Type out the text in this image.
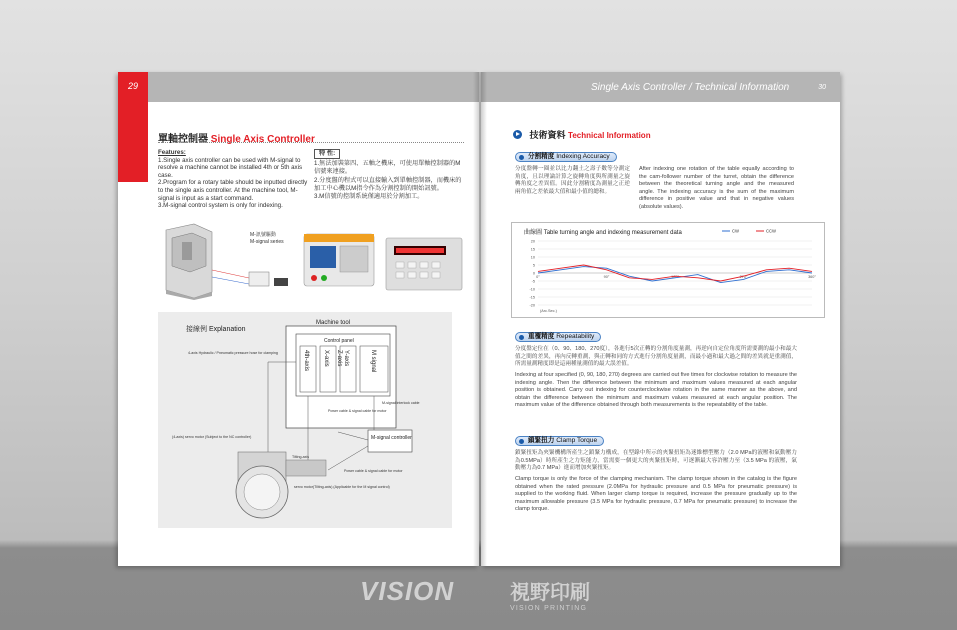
29
單軸控制器 Single Axis Controller
Features:
1.Single axis controller can be used with M-signal to resolve a machine cannot be installed 4th or 5th axis case.
2.Program for a rotary table should be inputted directly to the single axis controller. At the machine tool, M-signal is input as a start command.
3.M-signal control system is only for indexing.
特 性:
1.無法加裝第四、五軸之機床，可使用單軸控制器的M信號來連接。
2.分度盤的程式可以直接輸入到單軸控制器，而機床的加工中心機以M指令作為分割控制的開始訊號。
3.M信號的控制系統僅適用於分割加工。
M-訊號驅動
M-signal series
接線例 Explanation
Machine tool
Control panel
4th-axis X-axis Y-axis
Z-axis	M signal
M-signal controller
4-axis Hydraulic / Pneumatic pressure hose for clamping
(4-axis) servo motor (Subject to the NC controller)
M-signal interlock cable
Power cable & signal cable for motor
Power cable & signal cable for motor
Tilting-axis
servo motor(Tilting-axis) (Applicable for the M signal control)
Single Axis Controller / Technical Information	30
技術資料 Technical Information
分割精度 Indexing Accuracy
分度盤轉一圈並以比力翻土之壽子數等分測定角度，且以理論計算之旋轉角度與所測量之旋轉角度之差異值。因此分割精度為測量之正逆兩角值之差依最大值和最小值的總和。
After indexing one rotation of the table equally according to the cam-follower number of the turret, obtain the difference between the theoretical turning angle and the measured angle. The indexing accuracy is the sum of the maximum difference in positive value and that in negative values (absolute values).
曲線圖 Table turning angle and indexing measurement data
20
15
10
5
0
-5
-10
-15
-20
0°	90°	180°	270°	360°
(Arc.Sec.)
CW	CCW
重覆精度 Repeatability
分度盤定位在（0、90、180、270度），各進行5次正轉的分割角度量測，再逆向自定位角度所需要測的最小和最大值之間的差異，再內反轉重測，與正轉和同的方式進行分割角度量測，而最小過和最大過之間的差異就是重測值，所需量測精度即是這兩種量測值的最大誤差值。
Indexing at four specified (0, 90, 180, 270) degrees are carried out five times for clockwise rotation to measure the indexing angle. Then the difference between the minimum and maximum values measured at each angular position is obtained. Carry out indexing for counterclockwise rotation in the same manner as the above, and obtain the difference between the minimum and maximum values measured at each angular position. The maximum value of the difference obtained through both measurements is the repeatability of the table.
鎖緊扭力 Clamp Torque
鎖緊扭矩為夾緊機構所產生之鎖緊力構成，在型錄中所示的夾緊扭矩為迷維標型壓力（2.0 MPa的液壓和氣動壓力為0.5MPa）時所產生之力矩能力，當需要一個更大的夾緊扭矩時，可逐漸最大容許壓力至（3.5 MPa 的液壓，氣動壓力為0.7 MPa）進而增加夾緊扭矩。
Clamp torque is only the force of the clamping mechanism. The clamp torque shown in the catalog is the figure obtained when the rated pressure (2.0MPa for hydraulic pressure and 0.5 MPa for pneumatic pressure) is supplied to the working fluid. When larger clamp torque is required, increase the pressure gradually up to the maximum allowable pressure (3.5 MPa for hydraulic pressure, 0.7 MPa for pneumatic pressure) to increase the clamp torque.
VISION	視野印刷
VISION PRINTING
